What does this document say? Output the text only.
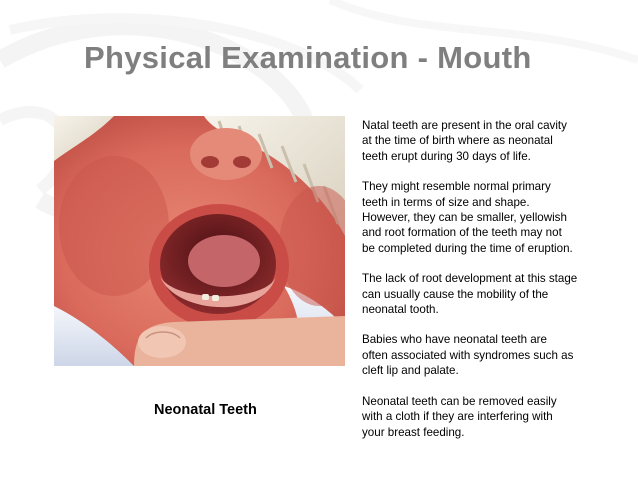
Physical Examination - Mouth
Neonatal Teeth

Natal teeth are present in the oral cavity
at the time of birth where as neonatal
teeth erupt during 30 days of life.

They might resemble normal primary
teeth in terms of size and shape.
However, they can be smaller, yellowish
and root formation of the teeth may not
be completed during the time of eruption.

The lack of root development at this stage
can usually cause the mobility of the
neonatal tooth.

Babies who have neonatal teeth are
often associated with syndromes such as
cleft lip and palate.

Neonatal teeth can be removed easily
with a cloth if they are interfering with
your breast feeding.
